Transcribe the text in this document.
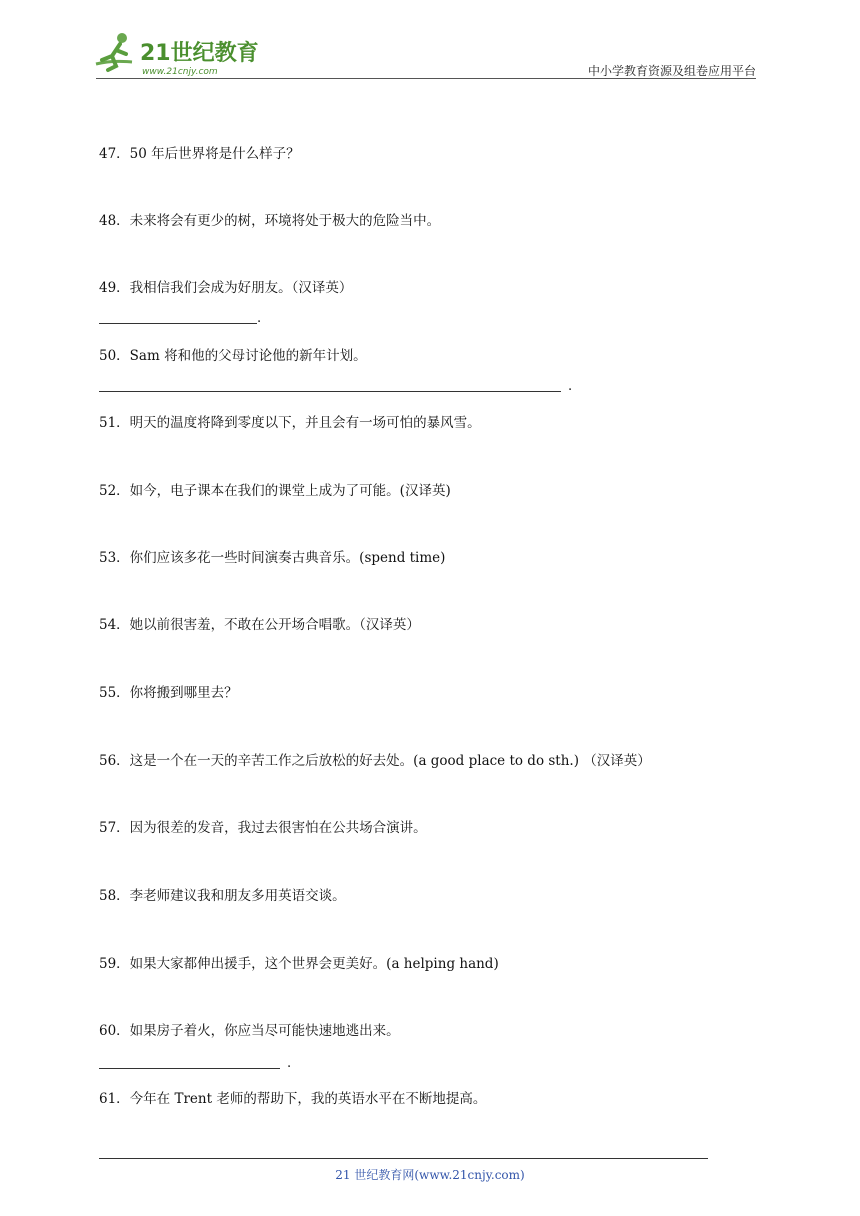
21世纪教育
www.21cnjy.com	中小学教育资源及组卷应用平台
47．50 年后世界将是什么样子？
48．未来将会有更少的树，环境将处于极大的危险当中。
49．我相信我们会成为好朋友。（汉译英）
.
50．Sam 将和他的父母讨论他的新年计划。
.
51．明天的温度将降到零度以下，并且会有一场可怕的暴风雪。
52．如今，电子课本在我们的课堂上成为了可能。(汉译英)
53．你们应该多花一些时间演奏古典音乐。(spend time)
54．她以前很害羞，不敢在公开场合唱歌。（汉译英）
55．你将搬到哪里去？
56．这是一个在一天的辛苦工作之后放松的好去处。(a good place to do sth.) （汉译英）
57．因为很差的发音，我过去很害怕在公共场合演讲。
58．李老师建议我和朋友多用英语交谈。
59．如果大家都伸出援手，这个世界会更美好。(a helping hand)
60．如果房子着火，你应当尽可能快速地逃出来。
.
61．今年在 Trent 老师的帮助下，我的英语水平在不断地提高。
21 世纪教育网(www.21cnjy.com)
